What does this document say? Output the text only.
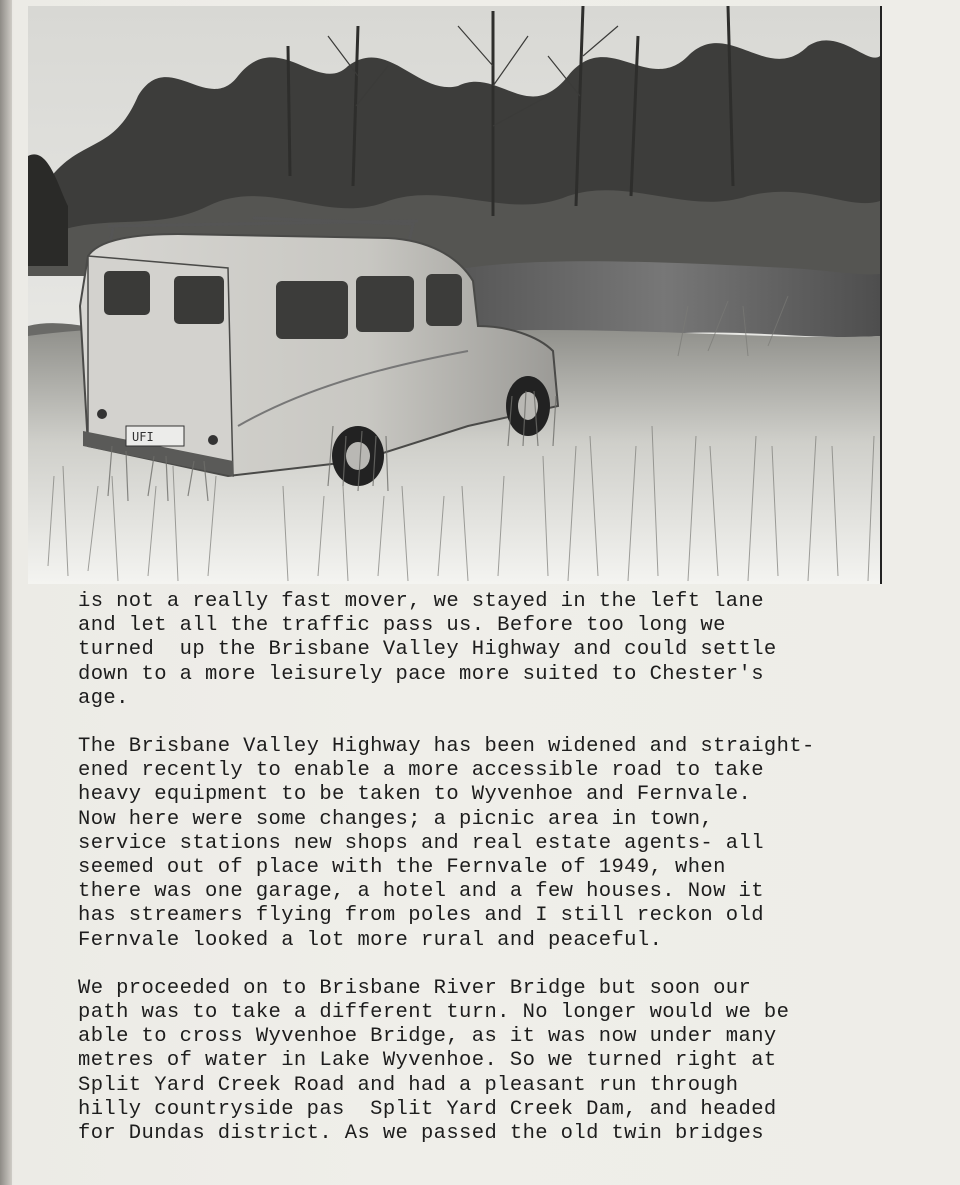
UFI

is not a really fast mover, we stayed in the left lane
and let all the traffic pass us. Before too long we
turned  up the Brisbane Valley Highway and could settle
down to a more leisurely pace more suited to Chester's
age.

The Brisbane Valley Highway has been widened and straight-
ened recently to enable a more accessible road to take
heavy equipment to be taken to Wyvenhoe and Fernvale.
Now here were some changes; a picnic area in town,
service stations new shops and real estate agents- all
seemed out of place with the Fernvale of 1949, when
there was one garage, a hotel and a few houses. Now it
has streamers flying from poles and I still reckon old
Fernvale looked a lot more rural and peaceful.

We proceeded on to Brisbane River Bridge but soon our
path was to take a different turn. No longer would we be
able to cross Wyvenhoe Bridge, as it was now under many
metres of water in Lake Wyvenhoe. So we turned right at
Split Yard Creek Road and had a pleasant run through
hilly countryside pas  Split Yard Creek Dam, and headed
for Dundas district. As we passed the old twin bridges
